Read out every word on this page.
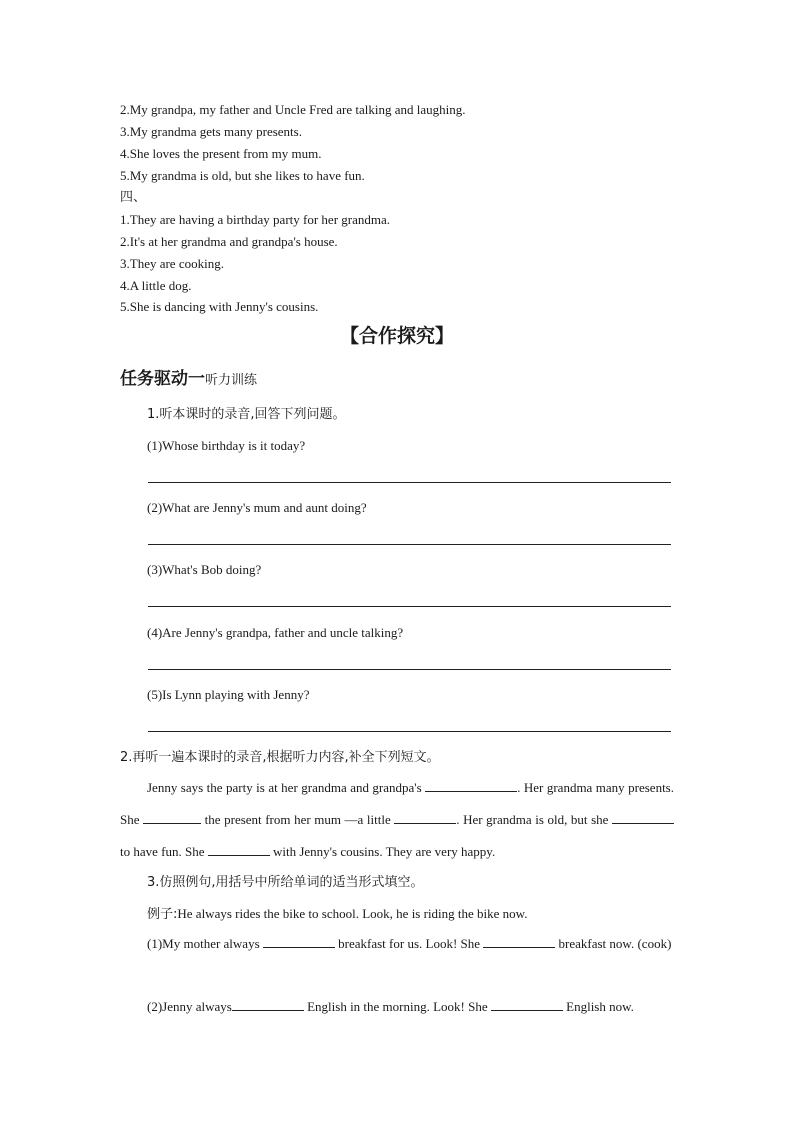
2.My grandpa, my father and Uncle Fred are talking and laughing.
3.My grandma gets many presents.
4.She loves the present from my mum.
5.My grandma is old, but she likes to have fun.
四、
1.They are having a birthday party for her grandma.
2.It's at her grandma and grandpa's house.
3.They are cooking.
4.A little dog.
5.She is dancing with Jenny's cousins.
【合作探究】
任务驱动一听力训练
1.听本课时的录音,回答下列问题。
(1)Whose birthday is it today?
(2)What are Jenny's mum and aunt doing?
(3)What's Bob doing?
(4)Are Jenny's grandpa, father and uncle talking?
(5)Is Lynn playing with Jenny?
2.再听一遍本课时的录音,根据听力内容,补全下列短文。
Jenny says the party is at her grandma and grandpa's	. Her grandma many presents. She	the present from her mum —a little	. Her grandma is old, but she  to have fun. She	with Jenny's cousins. They are very happy.
3.仿照例句,用括号中所给单词的适当形式填空。
例子:He always rides the bike to school. Look, he is riding the bike now.
(1)My mother always	breakfast for us. Look! She	breakfast now. (cook)
(2)Jenny always	English in the morning. Look! She	English now.
